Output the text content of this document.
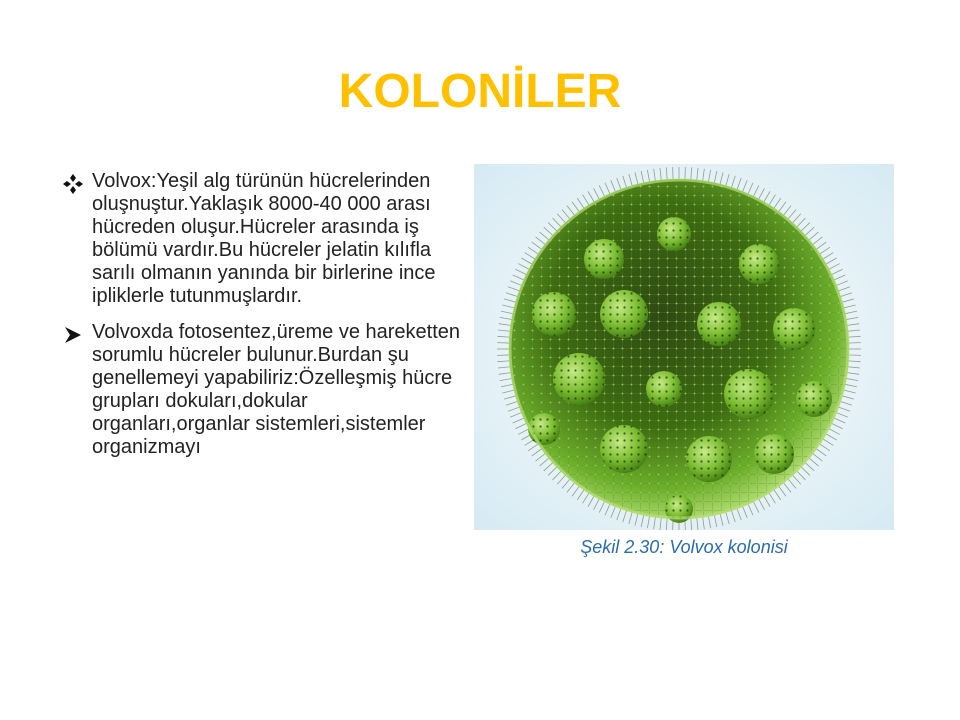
KOLONİLER
Volvox:Yeşil alg türünün hücrelerinden oluşnuştur.Yaklaşık 8000-40 000 arası hücreden oluşur.Hücreler arasında iş bölümü vardır.Bu hücreler jelatin kılıfla sarılı olmanın yanında bir birlerine ince ipliklerle tutunmuşlardır.
Volvoxda fotosentez,üreme ve hareketten sorumlu hücreler bulunur.Burdan şu genellemeyi yapabiliriz:Özelleşmiş hücre grupları dokuları,dokular organları,organlar sistemleri,sistemler organizmayı
Şekil 2.30: Volvox kolonisi
